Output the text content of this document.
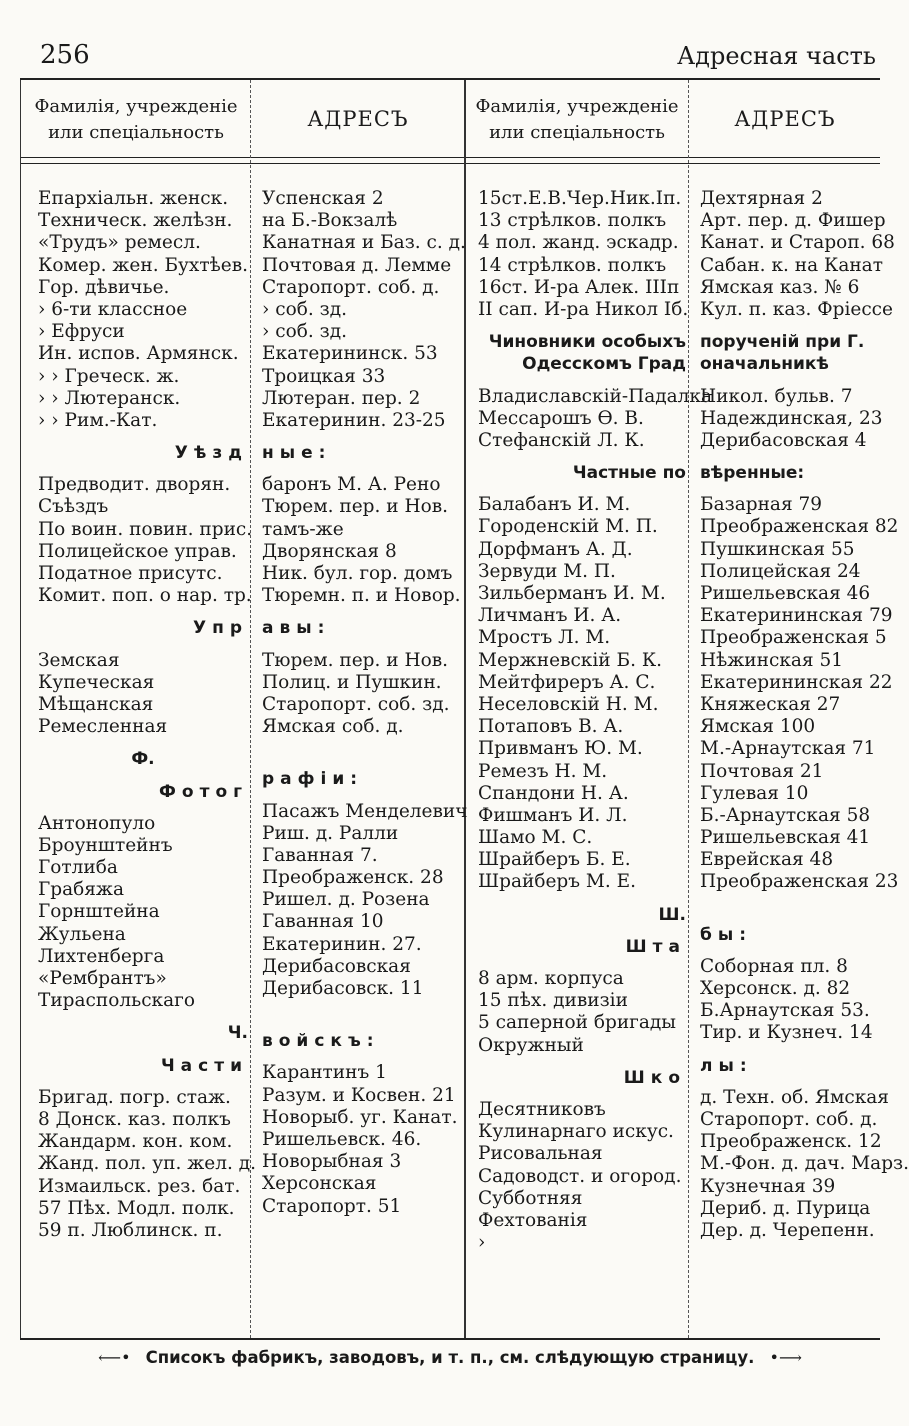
256	Адресная часть
Фамилія, учрежденіе
или спеціальность
АДРЕСЪ
Фамилія, учрежденіе
или спеціальность
АДРЕСЪ
Епархіальн. женск.
Техническ. желѣзн.
«Трудъ» ремесл.
Комер. жен. Бухтѣев.
Гор. дѣвичье.
› 6-ти классное
› Ефруси
Ин. испов. Армянск.
› › Греческ. ж.
› › Лютеранск.
› › Рим.-Кат.
Уѣзд
Предводит. дворян.
Съѣздъ
По воин. повин. прис.
Полицейское управ.
Податное присутс.
Комит. поп. о нар. тр.
Упр
Земская
Купеческая
Мѣщанская
Ремесленная
Ф.
Фотог
Антонопуло
Броунштейнъ
Готлиба
Грабяжа
Горнштейна
Жульена
Лихтенберга
«Рембрантъ»
Тираспольскаго
Ч.
Части
Бригад. погр. стаж.
8 Донск. каз. полкъ
Жандарм. кон. ком.
Жанд. пол. уп. жел. д.
Измаильск. рез. бат.
57 Пѣх. Модл. полк.
59 п. Люблинск. п.
Успенская 2
на Б.-Вокзалѣ
Канатная и Баз. с. д.
Почтовая д. Лемме
Старопорт. соб. д.
› соб. зд.
› соб. зд.
Екатерининск. 53
Троицкая 33
Лютеран. пер. 2
Екатеринин. 23-25
ные:
баронъ М. А. Рено
Тюрем. пер. и Нов.
тамъ-же
Дворянская 8
Ник. бул. гор. домъ
Тюремн. п. и Новор.
авы:
Тюрем. пер. и Нов.
Полиц. и Пушкин.
Старопорт. соб. зд.
Ямская соб. д.
рафіи:
Пасажъ Менделевич
Риш. д. Ралли
Гаванная 7.
Преображенск. 28
Ришел. д. Розена
Гаванная 10
Екатеринин. 27.
Дерибасовская
Дерибасовск. 11
войскъ:
Карантинъ 1
Разум. и Косвен. 21
Новорыб. уг. Канат.
Ришельевск. 46.
Новорыбная 3
Херсонская
Старопорт. 51
15ст.Е.В.Чер.Ник.Іп.
13 стрѣлков. полкъ
4 пол. жанд. эскадр.
14 стрѣлков. полкъ
16ст. И-ра Алек. ІІІп
ІІ сап. И-ра Никол Іб.
Чиновники особыхъ
Одесскомъ Град
Владиславскій-Падалка
Мессарошъ Ѳ. В.
Стефанскій Л. К.
Частные по
Балабанъ И. М.
Городенскій М. П.
Дорфманъ А. Д.
Зервуди М. П.
Зильберманъ И. М.
Личманъ И. А.
Мростъ Л. М.
Мержневскій Б. К.
Мейтфиреръ А. С.
Неселовскій Н. М.
Потаповъ В. А.
Привманъ Ю. М.
Ремезъ Н. М.
Спандони Н. А.
Фишманъ И. Л.
Шамо М. С.
Шрайберъ Б. Е.
Шрайберъ М. Е.
Ш.
Шта
8 арм. корпуса
15 пѣх. дивизіи
5 саперной бригады
Окружный
Шко
Десятниковъ
Кулинарнаго искус.
Рисовальная
Садоводст. и огород.
Субботняя
Фехтованія
›
Дехтярная 2
Арт. пер. д. Фишер
Канат. и Староп. 68
Сабан. к. на Канат
Ямская каз. № 6
Кул. п. каз. Фріессе
порученій при Г.
оначальникѣ
Никол. бульв. 7
Надеждинская, 23
Дерибасовская 4
вѣренные:
Базарная 79
Преображенская 82
Пушкинская 55
Полицейская 24
Ришельевская 46
Екатерининская 79
Преображенская 5
Нѣжинская 51
Екатерининская 22
Княжеская 27
Ямская 100
М.-Арнаутская 71
Почтовая 21
Гулевая 10
Б.-Арнаутская 58
Ришельевская 41
Еврейская 48
Преображенская 23
бы:
Соборная пл. 8
Херсонск. д. 82
Б.Арнаутская 53.
Тир. и Кузнеч. 14
лы:
д. Техн. об. Ямская
Старопорт. соб. д.
Преображенск. 12
М.-Фон. д. дач. Марз.
Кузнечная 39
Дериб. д. Пурица
Дер. д. Черепенн.
⟵• Списокъ фабрикъ, заводовъ, и т. п., см. слѣдующую страницу. •⟶
